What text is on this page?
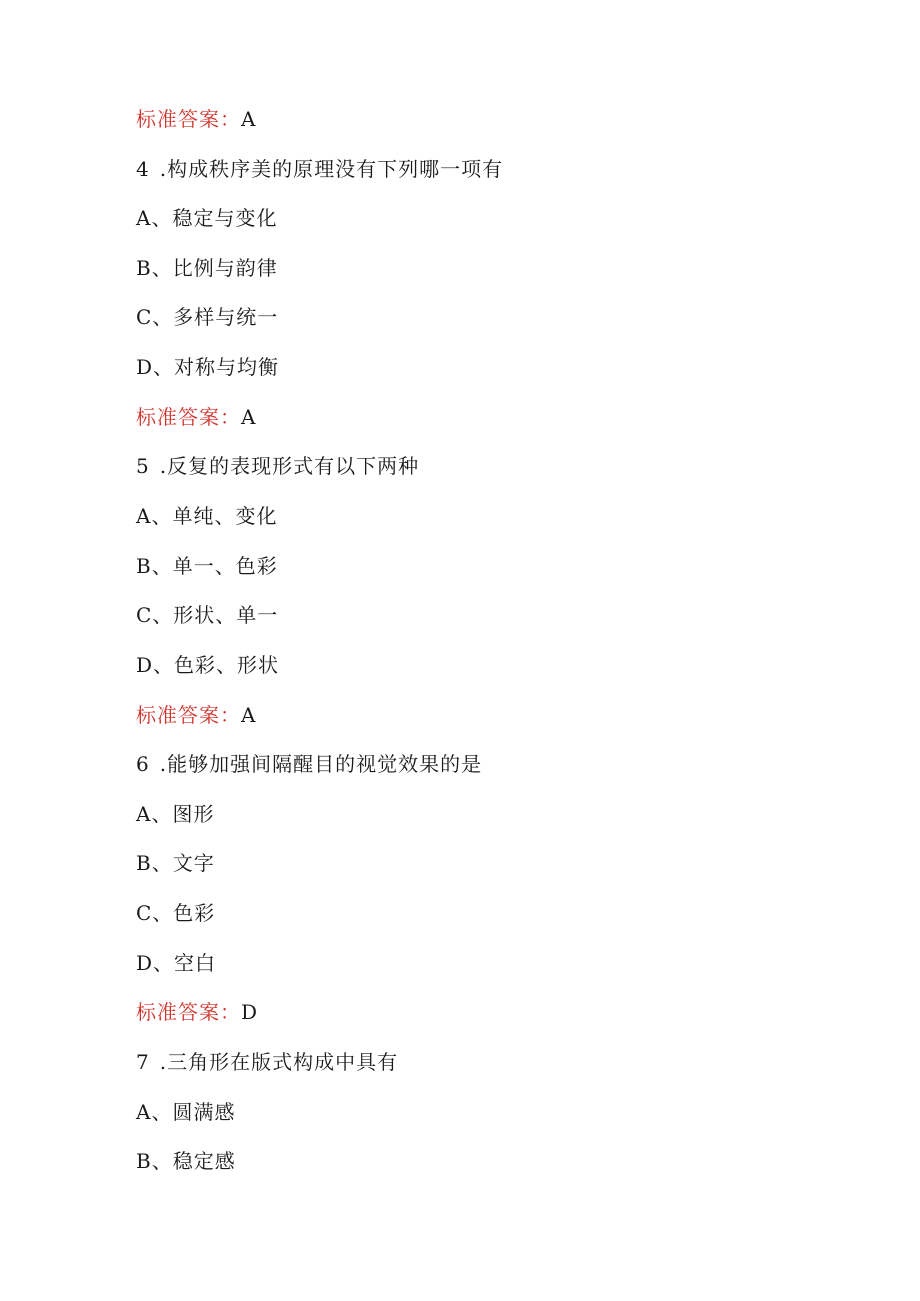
标准答案：A
4 .构成秩序美的原理没有下列哪一项有
A、稳定与变化
B、比例与韵律
C、多样与统一
D、对称与均衡
标准答案：A
5 .反复的表现形式有以下两种
A、单纯、变化
B、单一、色彩
C、形状、单一
D、色彩、形状
标准答案：A
6 .能够加强间隔醒目的视觉效果的是
A、图形
B、文字
C、色彩
D、空白
标准答案：D
7 .三角形在版式构成中具有
A、圆满感
B、稳定感
